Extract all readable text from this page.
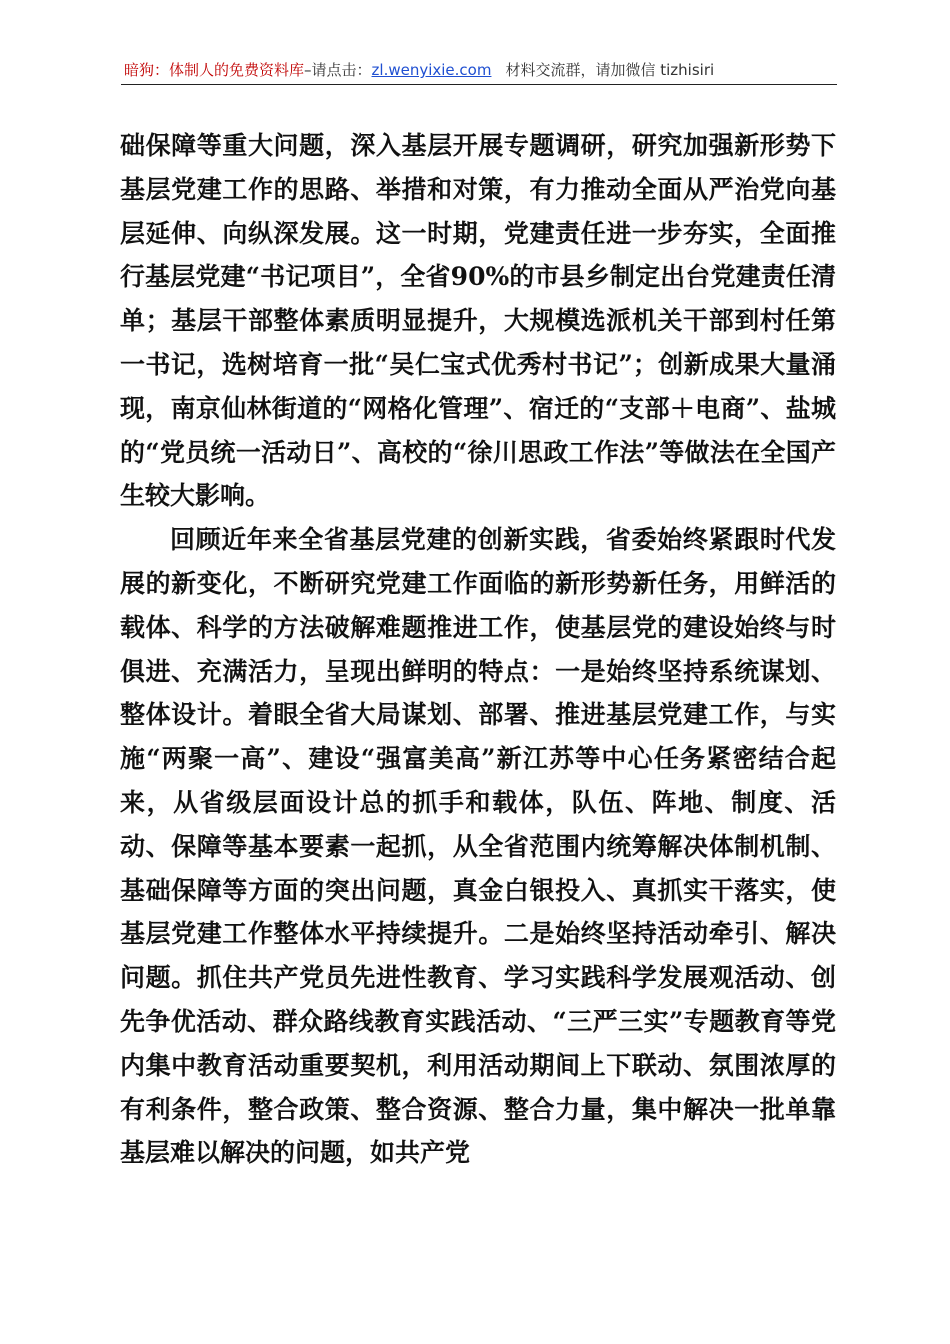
暗狗：体制人的免费资料库–请点击：zl.wenyixie.com 材料交流群，请加微信 tizhisiri

础保障等重大问题，深入基层开展专题调研，研究加强新形势下基层党建工作的思路、举措和对策，有力推动全面从严治党向基层延伸、向纵深发展。这一时期，党建责任进一步夯实，全面推行基层党建“书记项目”，全省90%的市县乡制定出台党建责任清单；基层干部整体素质明显提升，大规模选派机关干部到村任第一书记，选树培育一批“吴仁宝式优秀村书记”；创新成果大量涌现，南京仙林街道的“网格化管理”、宿迁的“支部＋电商”、盐城的“党员统一活动日”、高校的“徐川思政工作法”等做法在全国产生较大影响。

回顾近年来全省基层党建的创新实践，省委始终紧跟时代发展的新变化，不断研究党建工作面临的新形势新任务，用鲜活的载体、科学的方法破解难题推进工作，使基层党的建设始终与时俱进、充满活力，呈现出鲜明的特点：一是始终坚持系统谋划、整体设计。着眼全省大局谋划、部署、推进基层党建工作，与实施“两聚一高”、建设“强富美高”新江苏等中心任务紧密结合起来，从省级层面设计总的抓手和载体，队伍、阵地、制度、活动、保障等基本要素一起抓，从全省范围内统筹解决体制机制、基础保障等方面的突出问题，真金白银投入、真抓实干落实，使基层党建工作整体水平持续提升。二是始终坚持活动牵引、解决问题。抓住共产党员先进性教育、学习实践科学发展观活动、创先争优活动、群众路线教育实践活动、“三严三实”专题教育等党内集中教育活动重要契机，利用活动期间上下联动、氛围浓厚的有利条件，整合政策、整合资源、整合力量，集中解决一批单靠基层难以解决的问题，如共产党
